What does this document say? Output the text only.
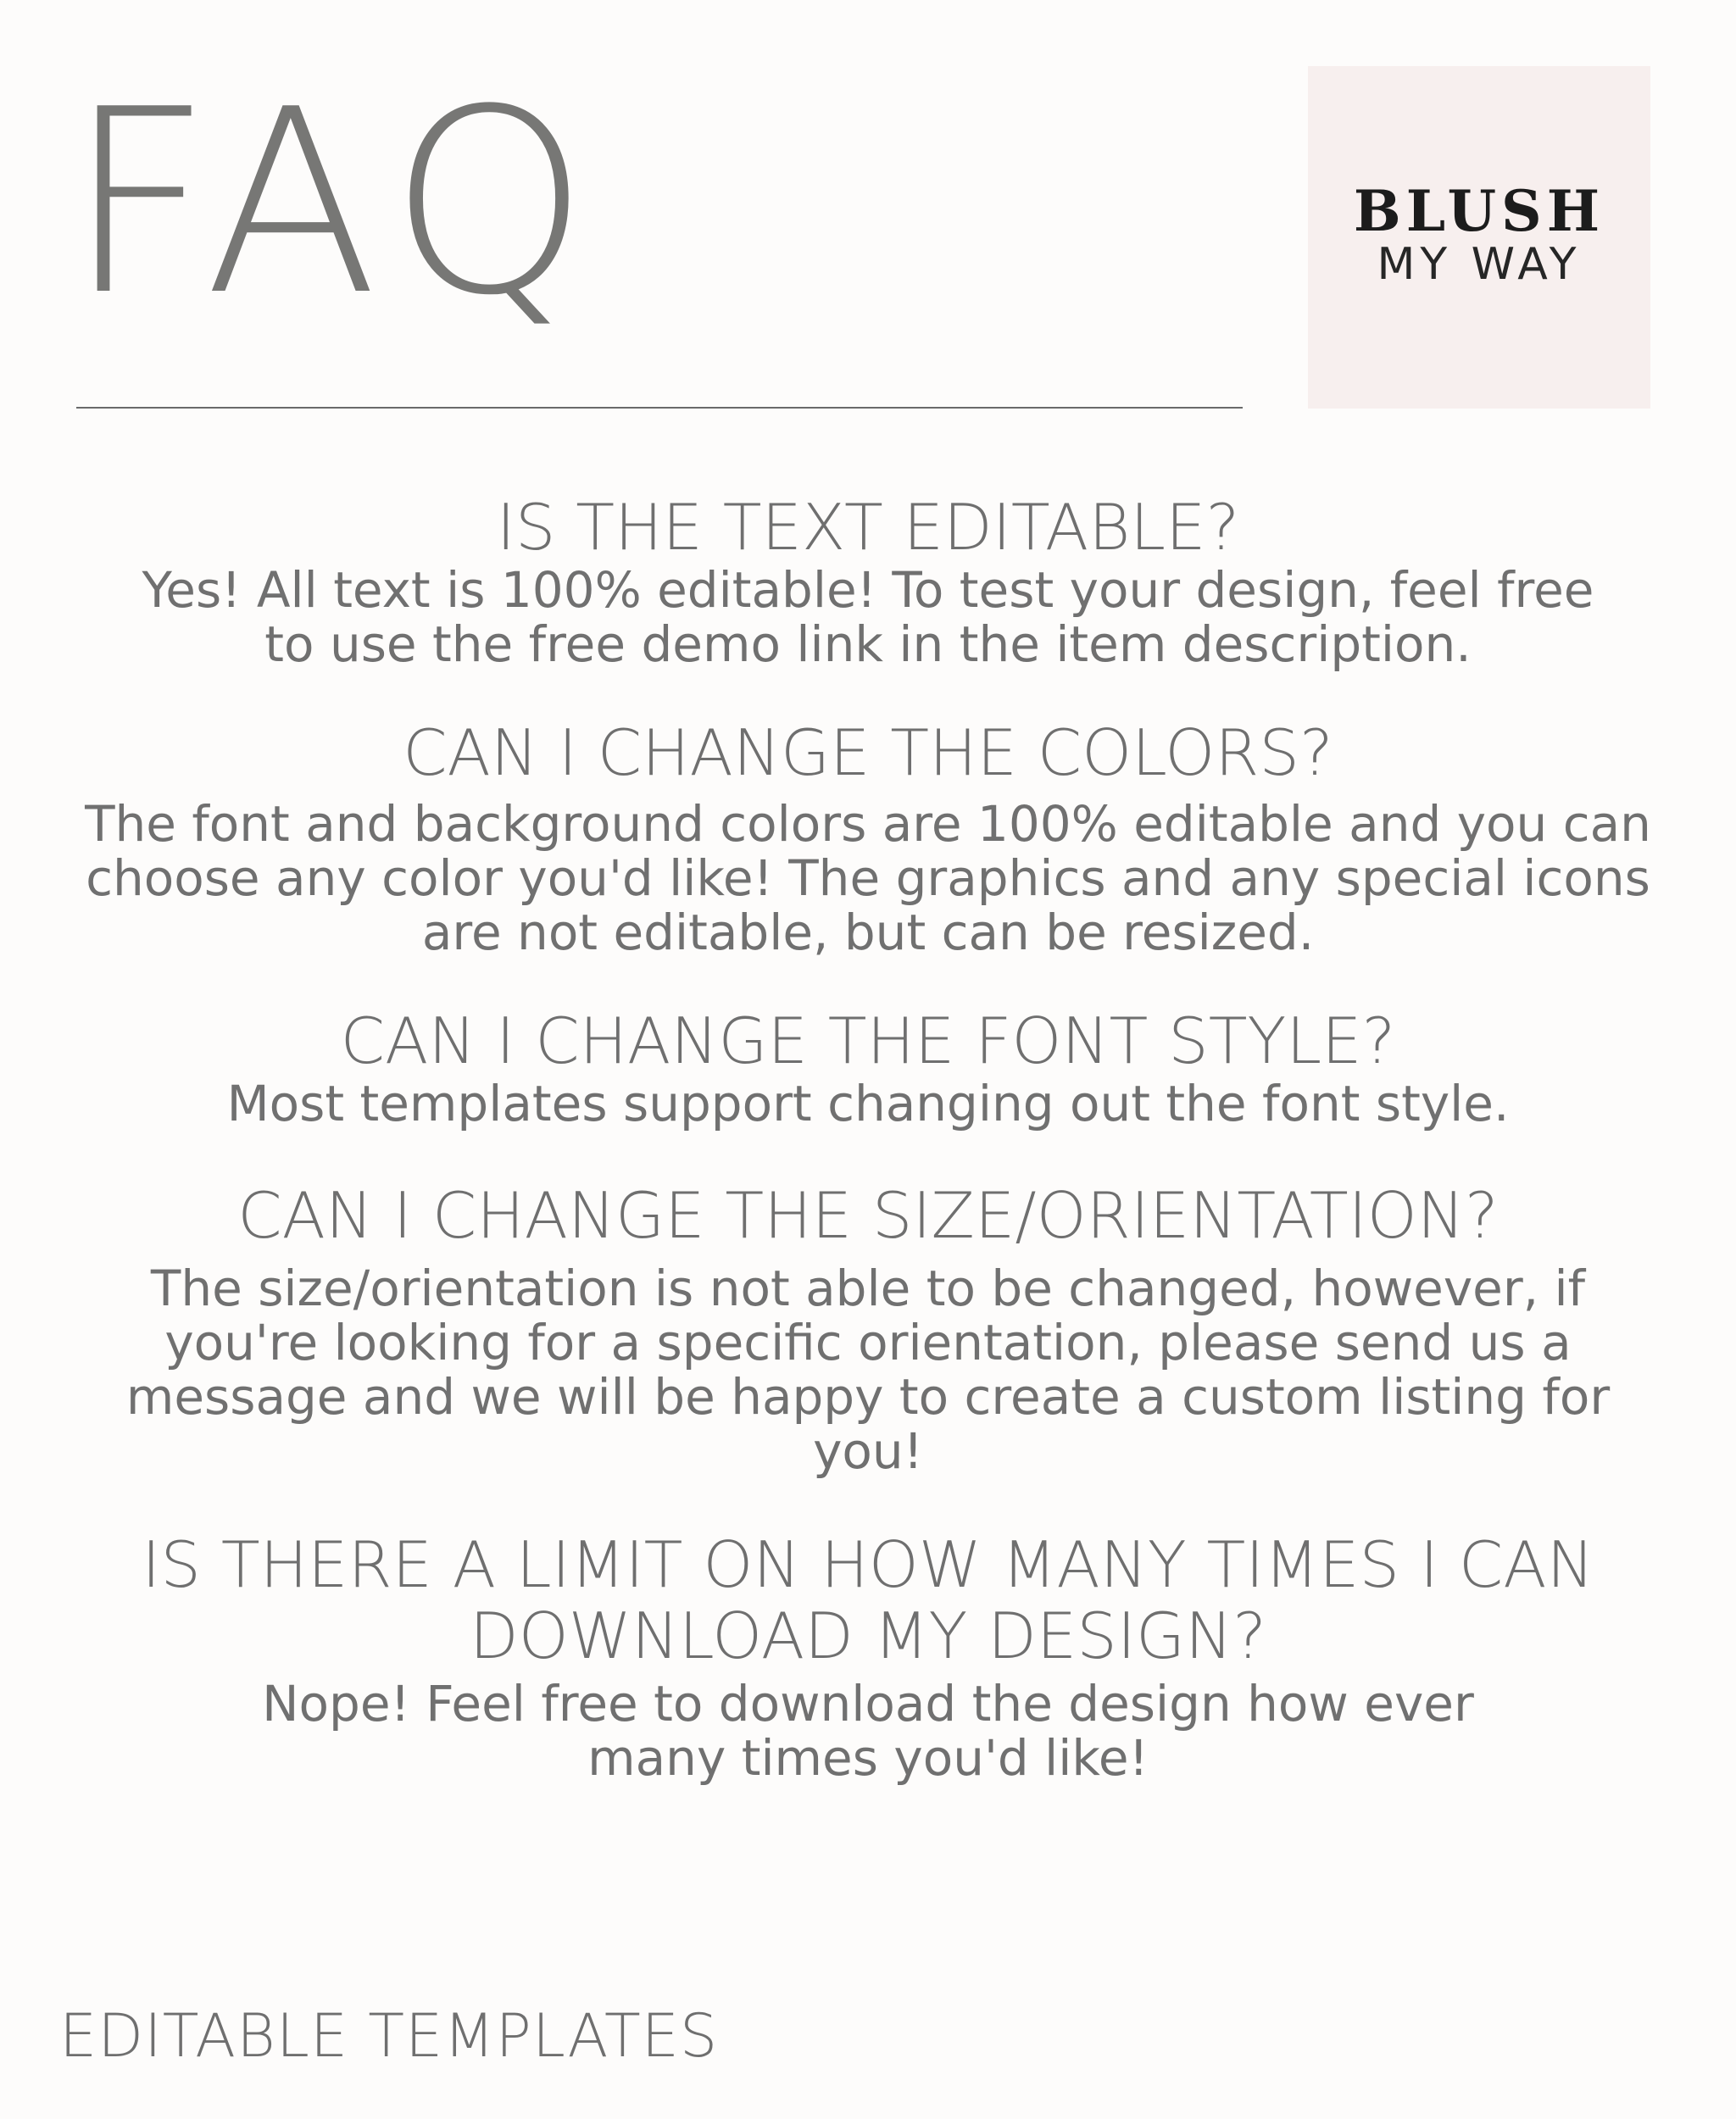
FAQ	BLUSH
MY WAY

IS THE TEXT EDITABLE?

Yes! All text is 100% editable! To test your design, feel free to use the free demo link in the item description.

CAN I CHANGE THE COLORS?

The font and background colors are 100% editable and you can choose any color you'd like! The graphics and any special icons are not editable, but can be resized.

CAN I CHANGE THE FONT STYLE?

Most templates support changing out the font style.

CAN I CHANGE THE SIZE/ORIENTATION?

The size/orientation is not able to be changed, however, if you're looking for a specific orientation, please send us a message and we will be happy to create a custom listing for you!

IS THERE A LIMIT ON HOW MANY TIMES I CAN DOWNLOAD MY DESIGN?

Nope! Feel free to download the design how ever many times you'd like!

EDITABLE TEMPLATES
